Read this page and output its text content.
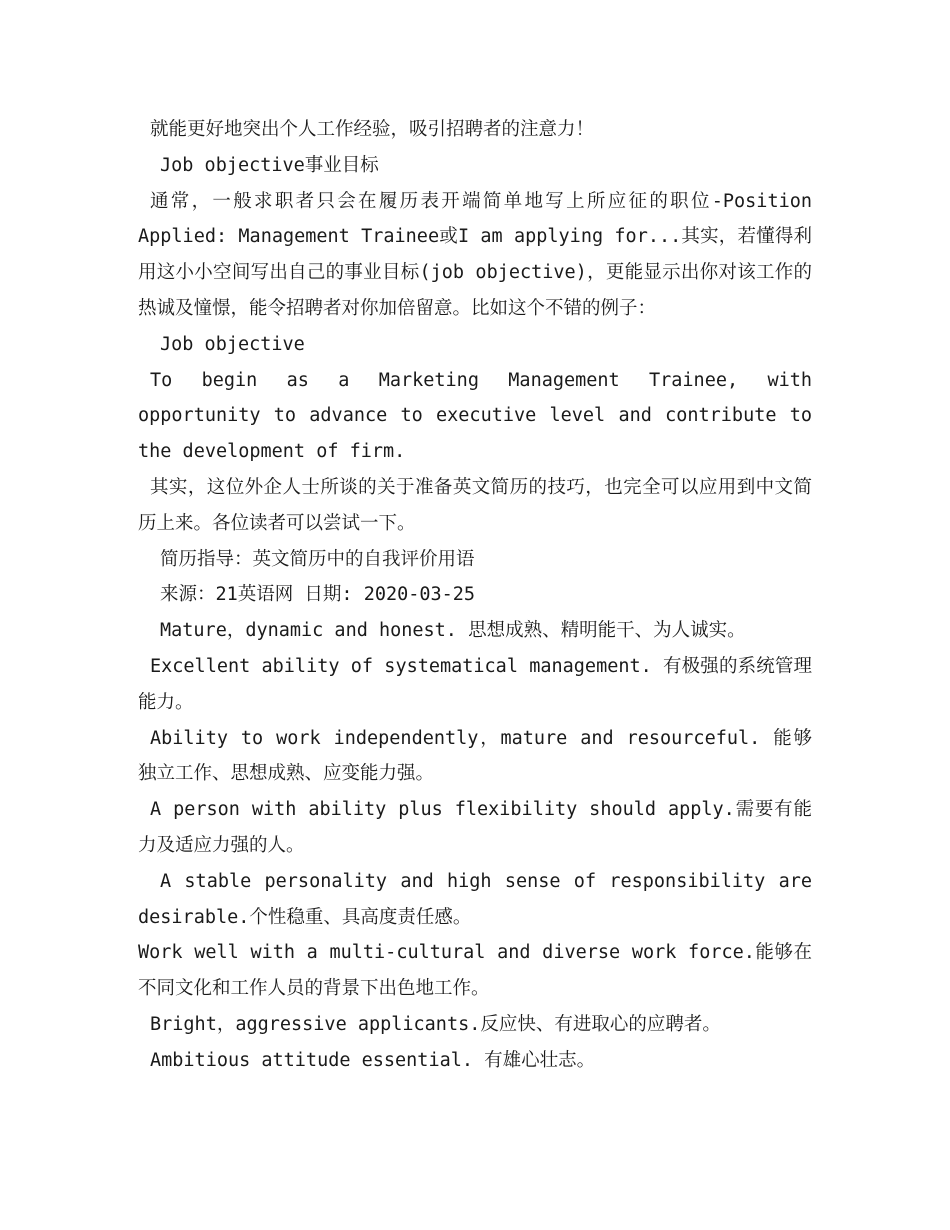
就能更好地突出个人工作经验，吸引招聘者的注意力！

Job objective事业目标

通常，一般求职者只会在履历表开端简单地写上所应征的职位-Position Applied: Management Trainee或I am applying for...其实，若懂得利用这小小空间写出自己的事业目标(job objective)，更能显示出你对该工作的热诚及憧憬，能令招聘者对你加倍留意。比如这个不错的例子：

Job objective

To begin as a Marketing Management Trainee, with opportunity to advance to executive level and contribute to the development of firm.

其实，这位外企人士所谈的关于准备英文简历的技巧，也完全可以应用到中文简历上来。各位读者可以尝试一下。

简历指导：英文简历中的自我评价用语

来源：21英语网 日期: 2020-03-25

Mature，dynamic and honest. 思想成熟、精明能干、为人诚实。

Excellent ability of systematical management. 有极强的系统管理能力。

Ability to work independently，mature and resourceful. 能够独立工作、思想成熟、应变能力强。

A person with ability plus flexibility should apply.需要有能力及适应力强的人。

A stable personality and high sense of responsibility are desirable.个性稳重、具高度责任感。

Work well with a multi-cultural and diverse work force.能够在不同文化和工作人员的背景下出色地工作。

Bright，aggressive applicants.反应快、有进取心的应聘者。

Ambitious attitude essential. 有雄心壮志。
